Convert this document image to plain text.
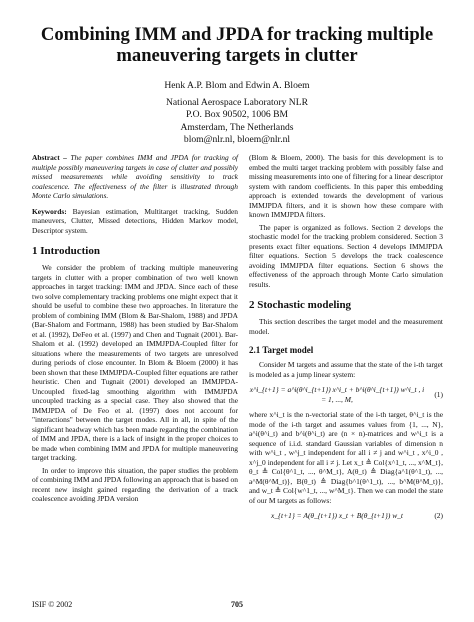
Combining IMM and JPDA for tracking multiple maneuvering targets in clutter
Henk A.P. Blom and Edwin A. Bloem
National Aerospace Laboratory NLR
P.O. Box 90502, 1006 BM
Amsterdam, The Netherlands
blom@nlr.nl, bloem@nlr.nl

Abstract – The paper combines IMM and JPDA for tracking of multiple possibly maneuvering targets in case of clutter and possibly missed measurements while avoiding sensitivity to track coalescence. The effectiveness of the filter is illustrated through Monte Carlo simulations.

Keywords: Bayesian estimation, Multitarget tracking, Sudden maneuvers, Clutter, Missed detections, Hidden Markov model, Descriptor system.

1 Introduction

We consider the problem of tracking multiple maneuvering targets in clutter with a proper combination of two well known approaches in target tracking: IMM and JPDA. Since each of these two solve complementary tracking problems one might expect that it should be useful to combine these two approaches. In literature the problem of combining IMM (Blom & Bar-Shalom, 1988) and JPDA (Bar-Shalom and Fortmann, 1988) has been studied by Bar-Shalom et al. (1992), DeFeo et al. (1997) and Chen and Tugnait (2001). Bar-Shalom et al. (1992) developed an IMMJPDA-Coupled filter for situations where the measurements of two targets are unresolved during periods of close encounter. In Blom & Bloem (2000) it has been shown that these IMMJPDA-Coupled filter equations are rather heuristic. Chen and Tugnait (2001) developed an IMMJPDA-Uncoupled fixed-lag smoothing algorithm with IMMJPDA uncoupled tracking as a special case. They also showed that the IMMJPDA of De Feo et al. (1997) does not account for "interactions" between the target modes. All in all, in spite of the significant headway which has been made regarding the combination of IMM and JPDA, there is a lack of insight in the proper choices to be made when combining IMM and JPDA for multiple maneuvering target tracking.

In order to improve this situation, the paper studies the problem of combining IMM and JPDA following an approach that is based on recent new insight gained regarding the derivation of a track coalescence avoiding JPDA version

(Blom & Bloem, 2000). The basis for this development is to embed the multi target tracking problem with possibly false and missing measurements into one of filtering for a linear descriptor system with random coefficients. In this paper this embedding approach is extended towards the development of various IMMJPDA filters, and it is shown how these compare with known IMMJPDA filters.

The paper is organized as follows. Section 2 develops the stochastic model for the tracking problem considered. Section 3 presents exact filter equations. Section 4 develops IMMJPDA filter equations. Section 5 develops the track coalescence avoiding IMMJPDA filter equations. Section 6 shows the effectiveness of the approach through Monte Carlo simulation results.

2 Stochastic modeling

This section describes the target model and the measurement model.

2.1 Target model

Consider M targets and assume that the state of the i-th target is modeled as a jump linear system:

x^i_{t+1} = a^i(θ^i_{t+1}) x^i_t + b^i(θ^i_{t+1}) w^i_t , i = 1, ..., M,
(1)

where x^i_t is the n-vectorial state of the i-th target, θ^i_t is the mode of the i-th target and assumes values from {1, ..., N}, a^i(θ^i_t) and b^i(θ^i_t) are (n × n)-matrices and w^i_t is a sequence of i.i.d. standard Gaussian variables of dimension n with w^i_t , w^j_t independent for all i ≠ j and w^i_t , x^i_0 , x^j_0 independent for all i ≠ j. Let x_t ≜ Col{x^1_t, ..., x^M_t}, θ_t ≜ Col{θ^1_t, ..., θ^M_t}, A(θ_t) ≜ Diag{a^1(θ^1_t), ..., a^M(θ^M_t)}, B(θ_t) ≜ Diag{b^1(θ^1_t), ..., b^M(θ^M_t)}, and w_t ≜ Col{w^1_t, ..., w^M_t}. Then we can model the state of our M targets as follows:

x_{t+1} = A(θ_{t+1}) x_t + B(θ_{t+1}) w_t	(2)
ISIF © 2002	705
